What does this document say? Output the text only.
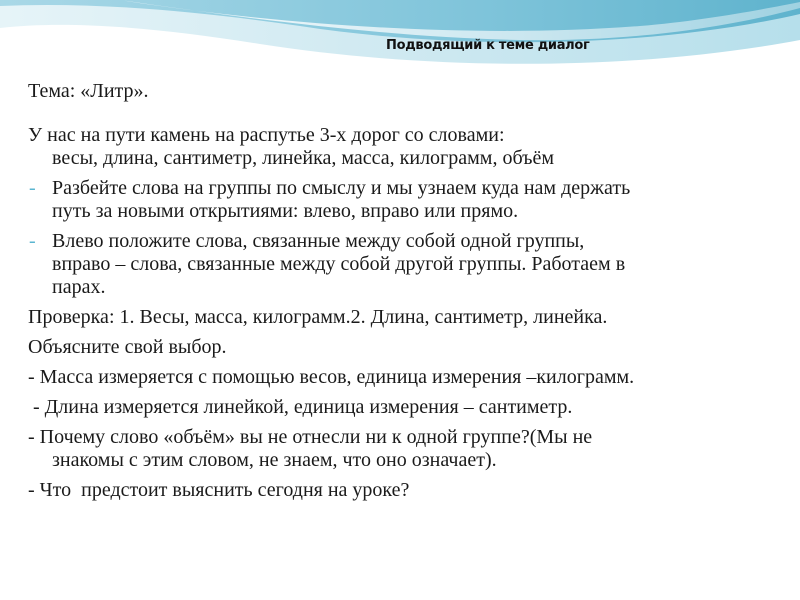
Подводящий к теме диалог
Тема: «Литр».
У нас на пути камень на распутье 3-х дорог со словами:
весы, длина, сантиметр, линейка, масса, килограмм, объём
- Разбейте слова на группы по смыслу и мы узнаем куда нам держать
путь за новыми открытиями: влево, вправо или прямо.
- Влево положите слова, связанные между собой одной группы,
вправо – слова, связанные между собой другой группы. Работаем в
парах.
Проверка: 1. Весы, масса, килограмм.2. Длина, сантиметр, линейка.
Объясните свой выбор.
- Масса измеряется с помощью весов, единица измерения –килограмм.
- Длина измеряется линейкой, единица измерения – сантиметр.
- Почему слово «объём» вы не отнесли ни к одной группе?(Мы не
знакомы с этим словом, не знаем, что оно означает).
- Что  предстоит выяснить сегодня на уроке?
